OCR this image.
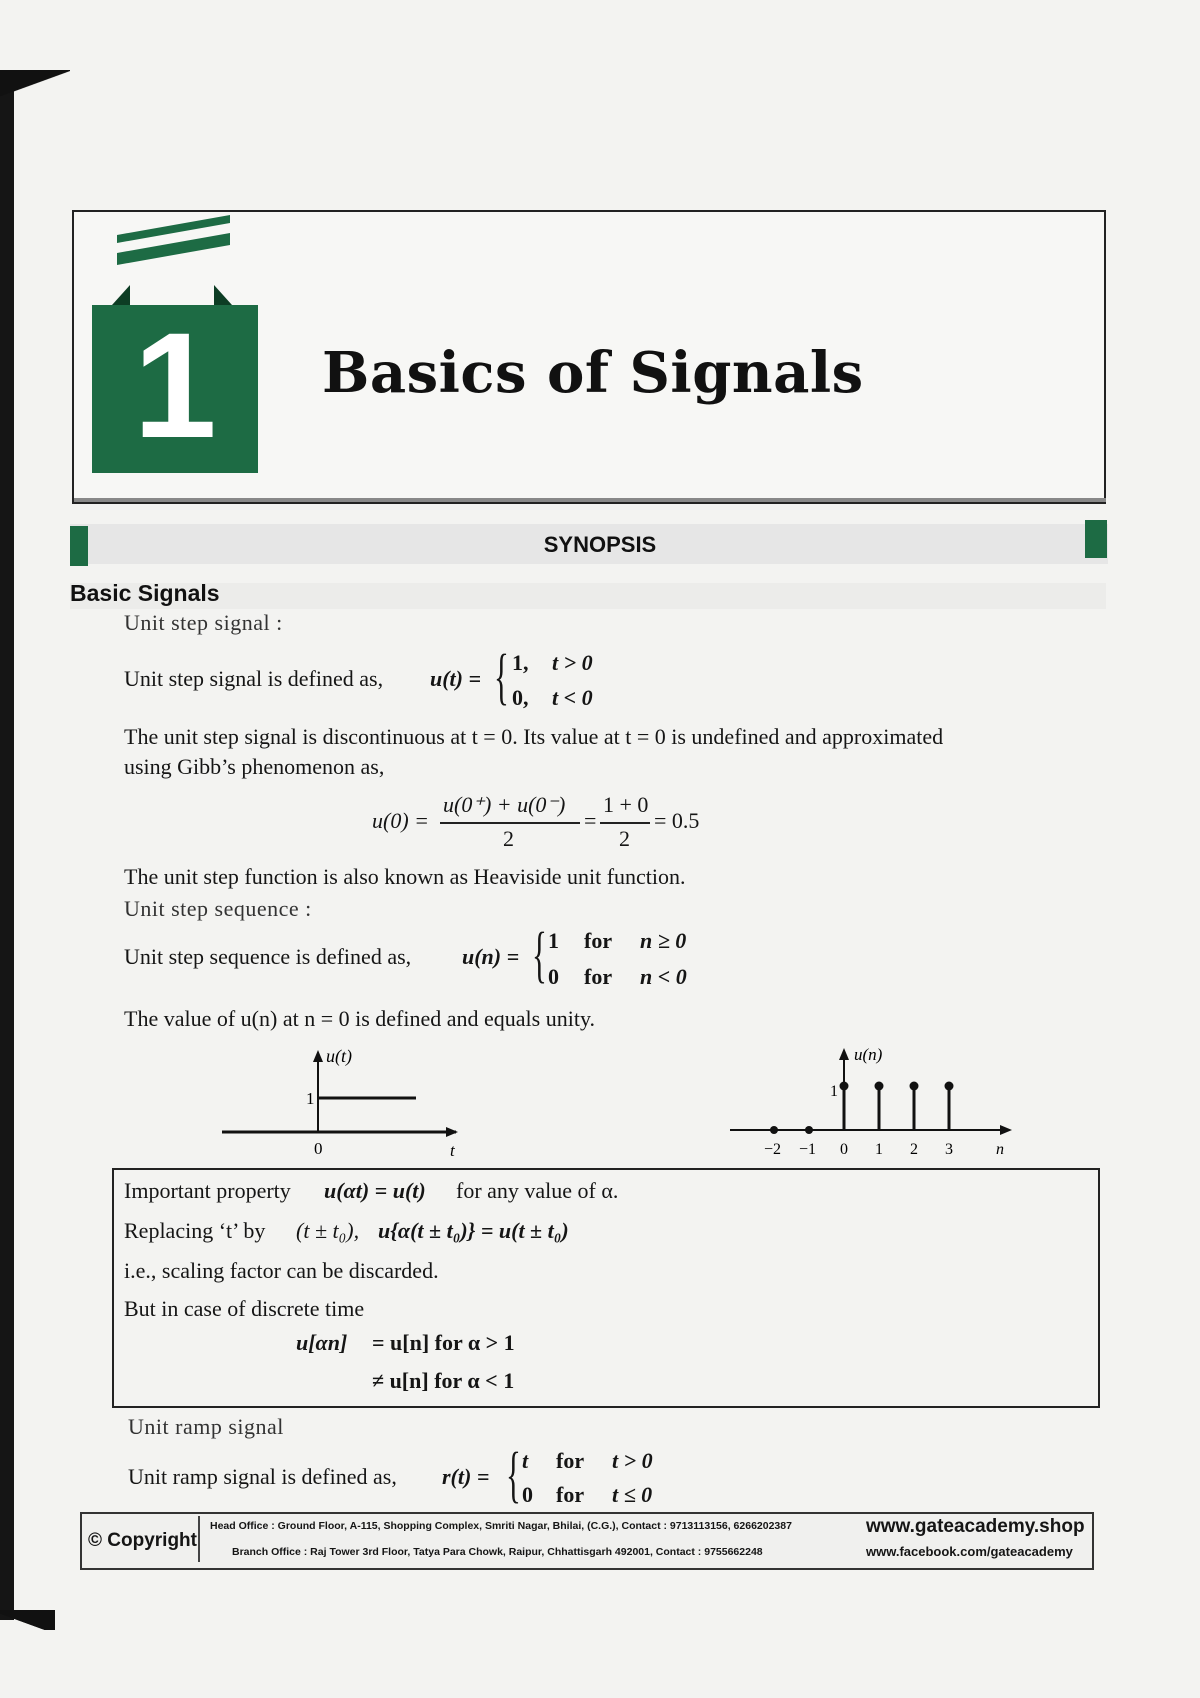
1	Basics of Signals
SYNOPSIS
Basic Signals
Unit step signal :
Unit step signal is defined as, u(t) = { 1, t > 0
0, t < 0
The unit step signal is discontinuous at t = 0. Its value at t = 0 is undefined and approximated
using Gibb’s phenomenon as,
u(0) =
u(0⁺) + u(0⁻)
2
=
1 + 0
2
= 0.5
The unit step function is also known as Heaviside unit function.
Unit step sequence :
Unit step sequence is defined as, u(n) = { 1 for n ≥ 0
0 for n < 0
The value of u(n) at n = 0 is defined and equals unity.
u(t)
1
0	t
u(n)
1
n
−2 −1 0 1 2 3
Important property u(αt) = u(t) for any value of α.
Replacing ‘t’ by (t ± t₀), u{α(t ± t₀)} = u(t ± t₀)
i.e., scaling factor can be discarded.
But in case of discrete time
u[αn] = u[n] for α > 1
≠ u[n] for α < 1
Unit ramp signal
Unit ramp signal is defined as, r(t) = { t for t > 0
0 for t ≤ 0
© Copyright
Head Office : Ground Floor, A-115, Shopping Complex, Smriti Nagar, Bhilai, (C.G.), Contact : 9713113156, 6266202387
Branch Office : Raj Tower 3rd Floor, Tatya Para Chowk, Raipur, Chhattisgarh 492001, Contact : 9755662248
www.gateacademy.shop
www.facebook.com/gateacademy
